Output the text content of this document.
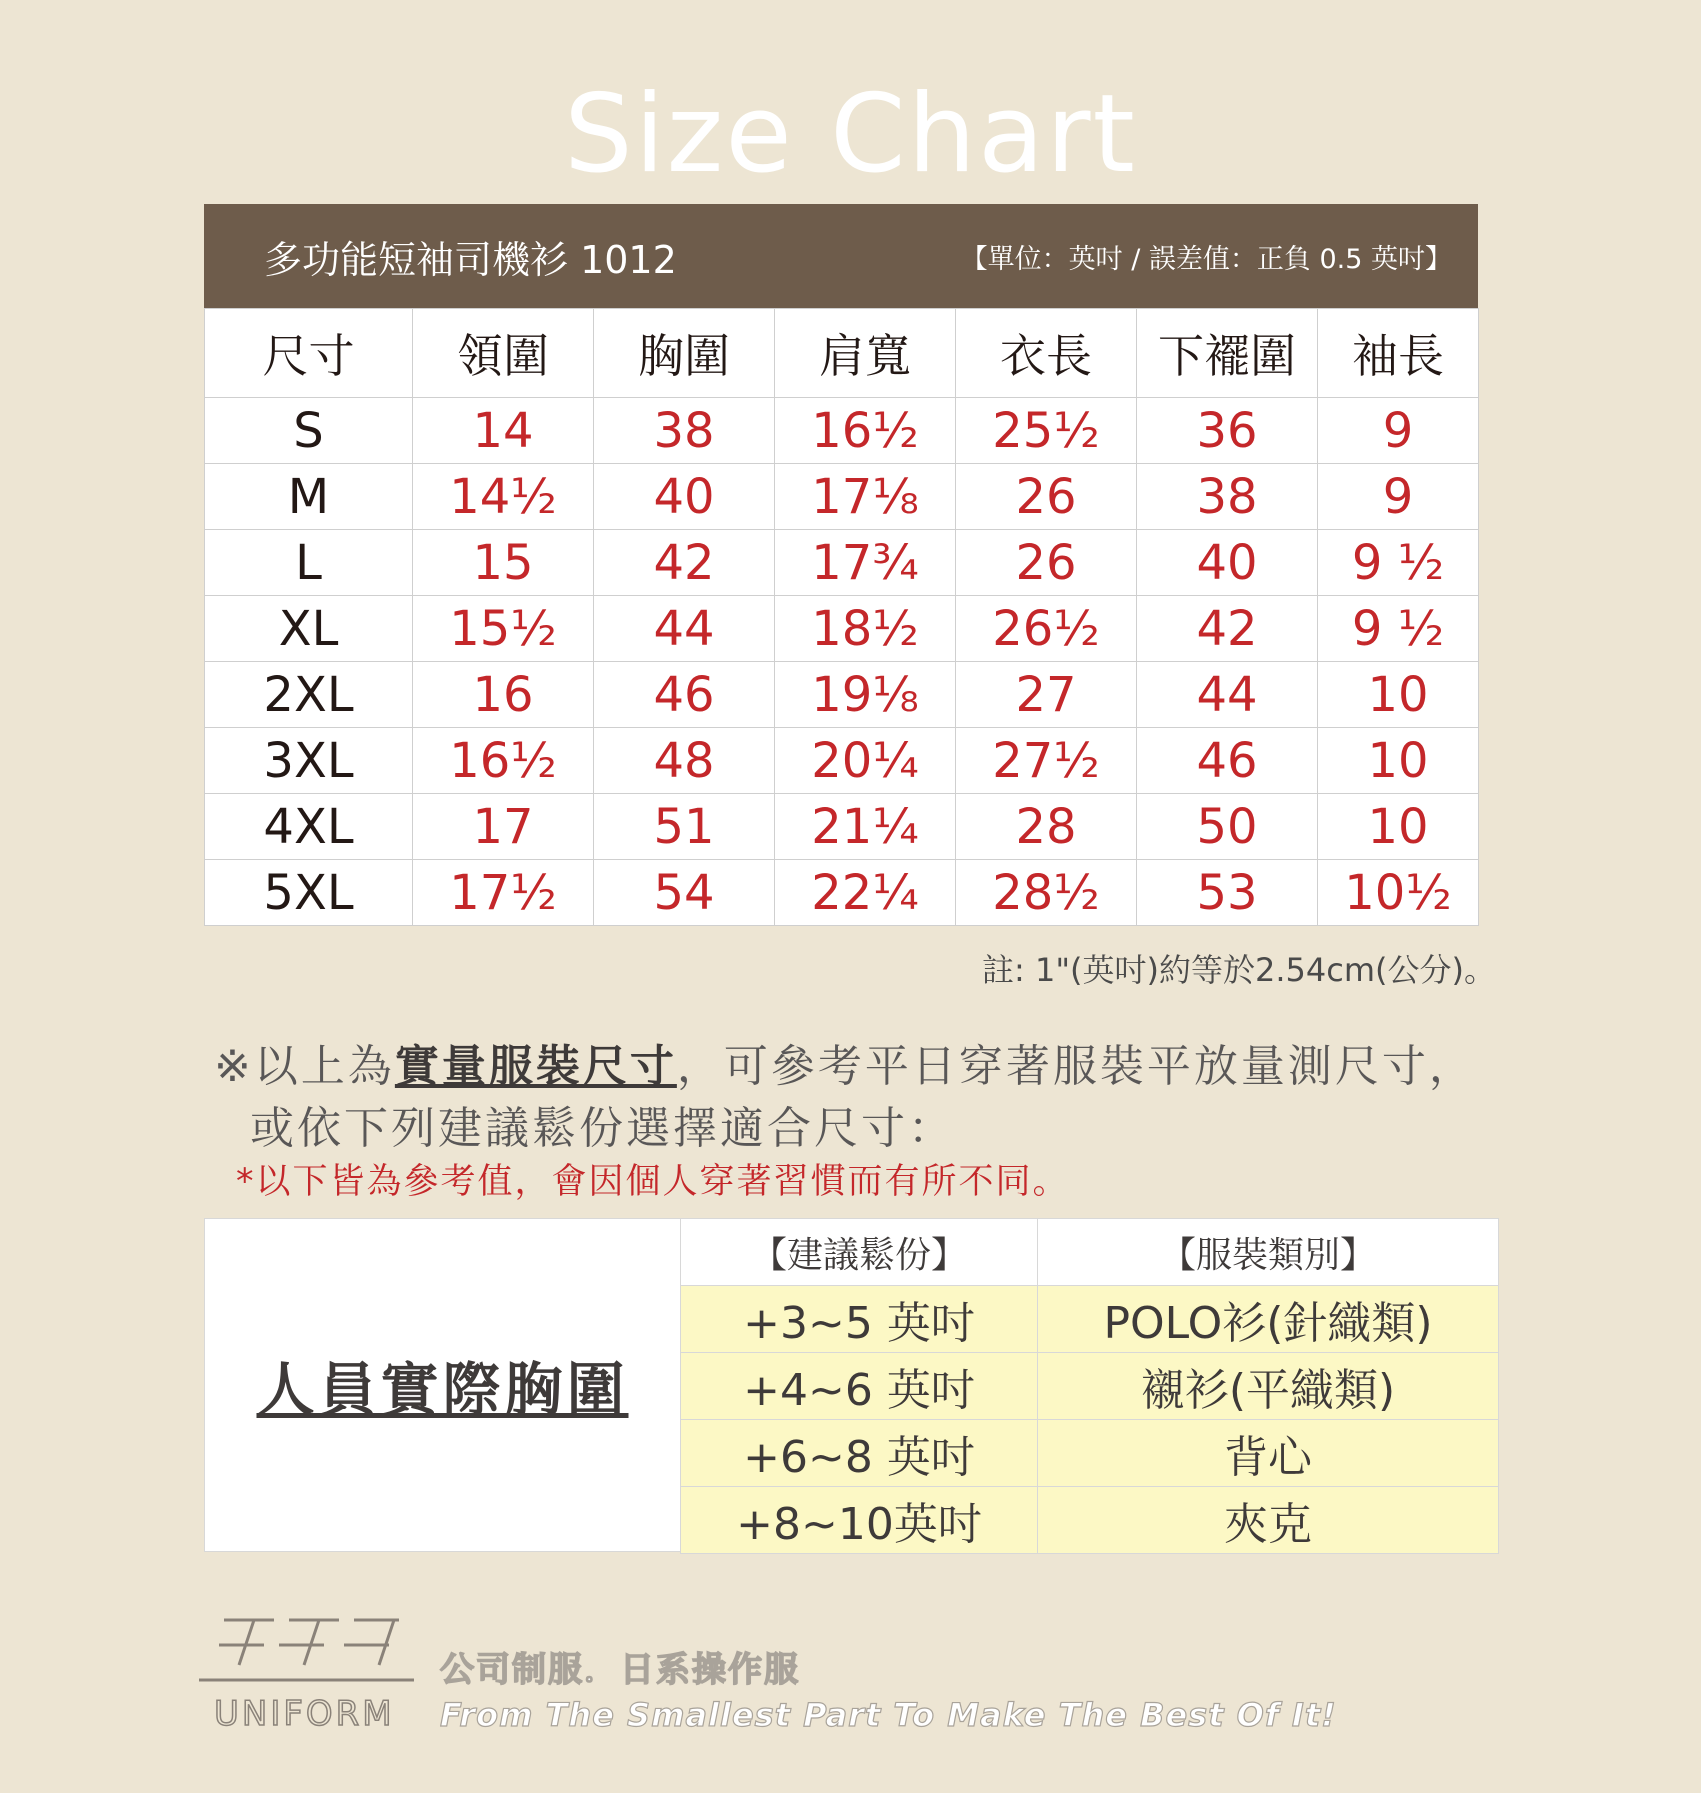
Size Chart
多功能短袖司機衫 1012	【單位：英吋 / 誤差值：正負 0.5 英吋】
尺寸	領圍	胸圍	肩寬	衣長	下襬圍	袖長
S	14	38	16½	25½	36	9
M	14½	40	17⅛	26	38	9
L	15	42	17¾	26	40	9 ½
XL	15½	44	18½	26½	42	9 ½
2XL	16	46	19⅛	27	44	10
3XL	16½	48	20¼	27½	46	10
4XL	17	51	21¼	28	50	10
5XL	17½	54	22¼	28½	53	10½
註: 1"(英吋)約等於2.54cm(公分)。
※以上為實量服裝尺寸，可參考平日穿著服裝平放量測尺寸，
或依下列建議鬆份選擇適合尺寸：
*以下皆為參考值，會因個人穿著習慣而有所不同。
人員實際胸圍
【建議鬆份】	【服裝類別】
+3~5 英吋	POLO衫(針織類)
+4~6 英吋	襯衫(平織類)
+6~8 英吋	背心
+8~10英吋	夾克
UNIFORM
公司制服．日系操作服
From The Smallest Part To Make The Best Of It!
